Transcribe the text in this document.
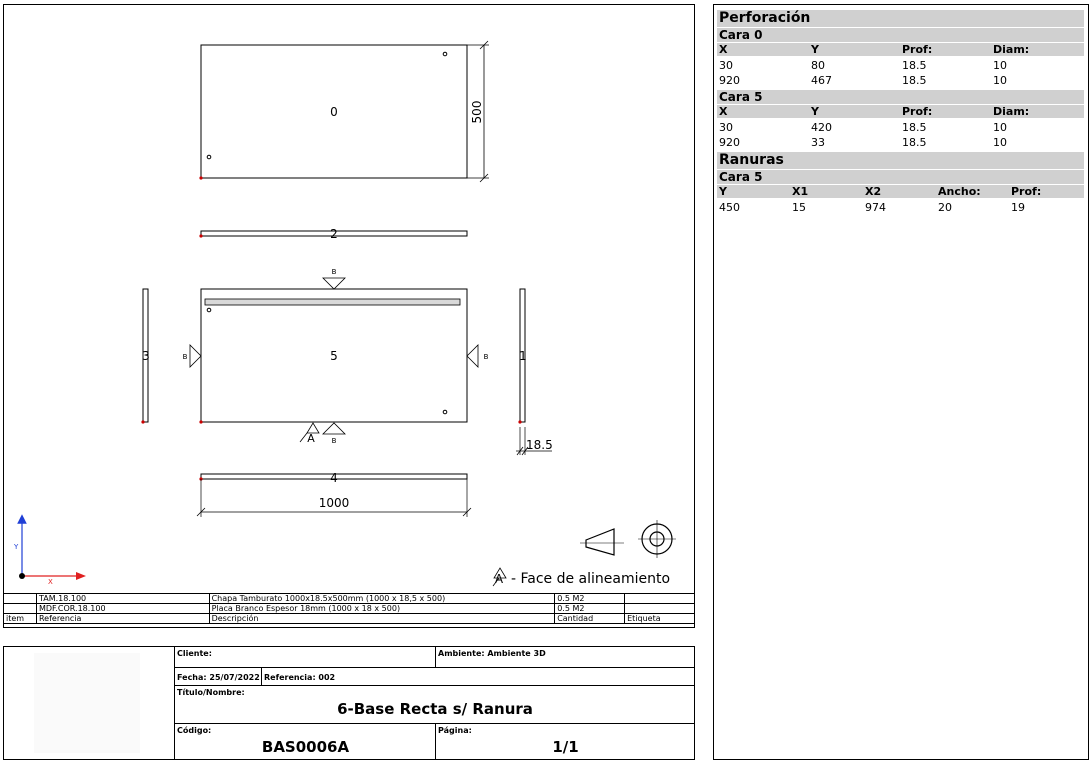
0	500
2
5
B
B	B
B
A
3	1
18.5
4
1000
Y
X	A - Face de alineamiento
	TAM.18.100	Chapa Tamburato 1000x18.5x500mm (1000 x 18,5 x 500)	0.5 M2	
	MDF.COR.18.100	Placa Branco Espesor 18mm (1000 x 18 x 500)	0.5 M2	
item	Referencia	Descripción	Cantidad	Etiqueta
Cliente:	Ambiente: Ambiente 3D
Fecha: 25/07/2022 Referencia: 002
Título/Nombre:
6-Base Recta s/ Ranura
Código:
BAS0006A
Página:
1/1
Perforación
Cara 0
X	Y	Prof:	Diam:
30	80	18.5	10
920	467	18.5	10
Cara 5
X	Y	Prof:	Diam:
30	420	18.5	10
920	33	18.5	10
Ranuras
Cara 5
Y	X1	X2	Ancho:	Prof:
450	15	974	20	19
